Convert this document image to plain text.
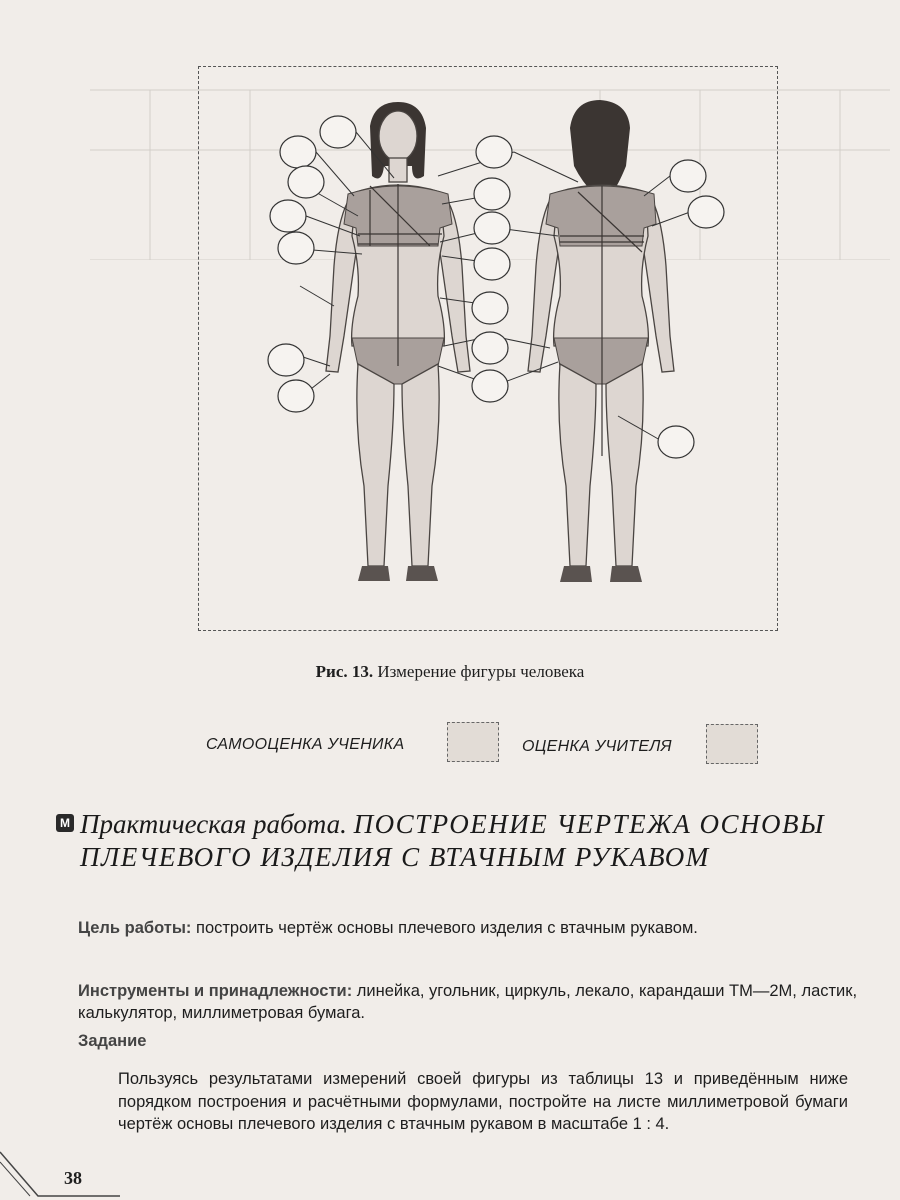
Рис. 13. Измерение фигуры человека
САМООЦЕНКА УЧЕНИКА	ОЦЕНКА УЧИТЕЛЯ
М Практическая работа. ПОСТРОЕНИЕ ЧЕРТЕЖА ОСНОВЫ ПЛЕЧЕВОГО ИЗДЕЛИЯ С ВТАЧНЫМ РУКАВОМ
Цель работы: построить чертёж основы плечевого изделия с втачным рукавом.
Инструменты и принадлежности: линейка, угольник, циркуль, лекало, карандаши ТМ—2М, ластик, калькулятор, миллиметровая бумага.
Задание
Пользуясь результатами измерений своей фигуры из таблицы 13 и приведённым ниже порядком построения и расчётными формулами, постройте на листе миллиметровой бумаги чертёж основы плечевого изделия с втачным рукавом в масштабе 1 : 4.
38
